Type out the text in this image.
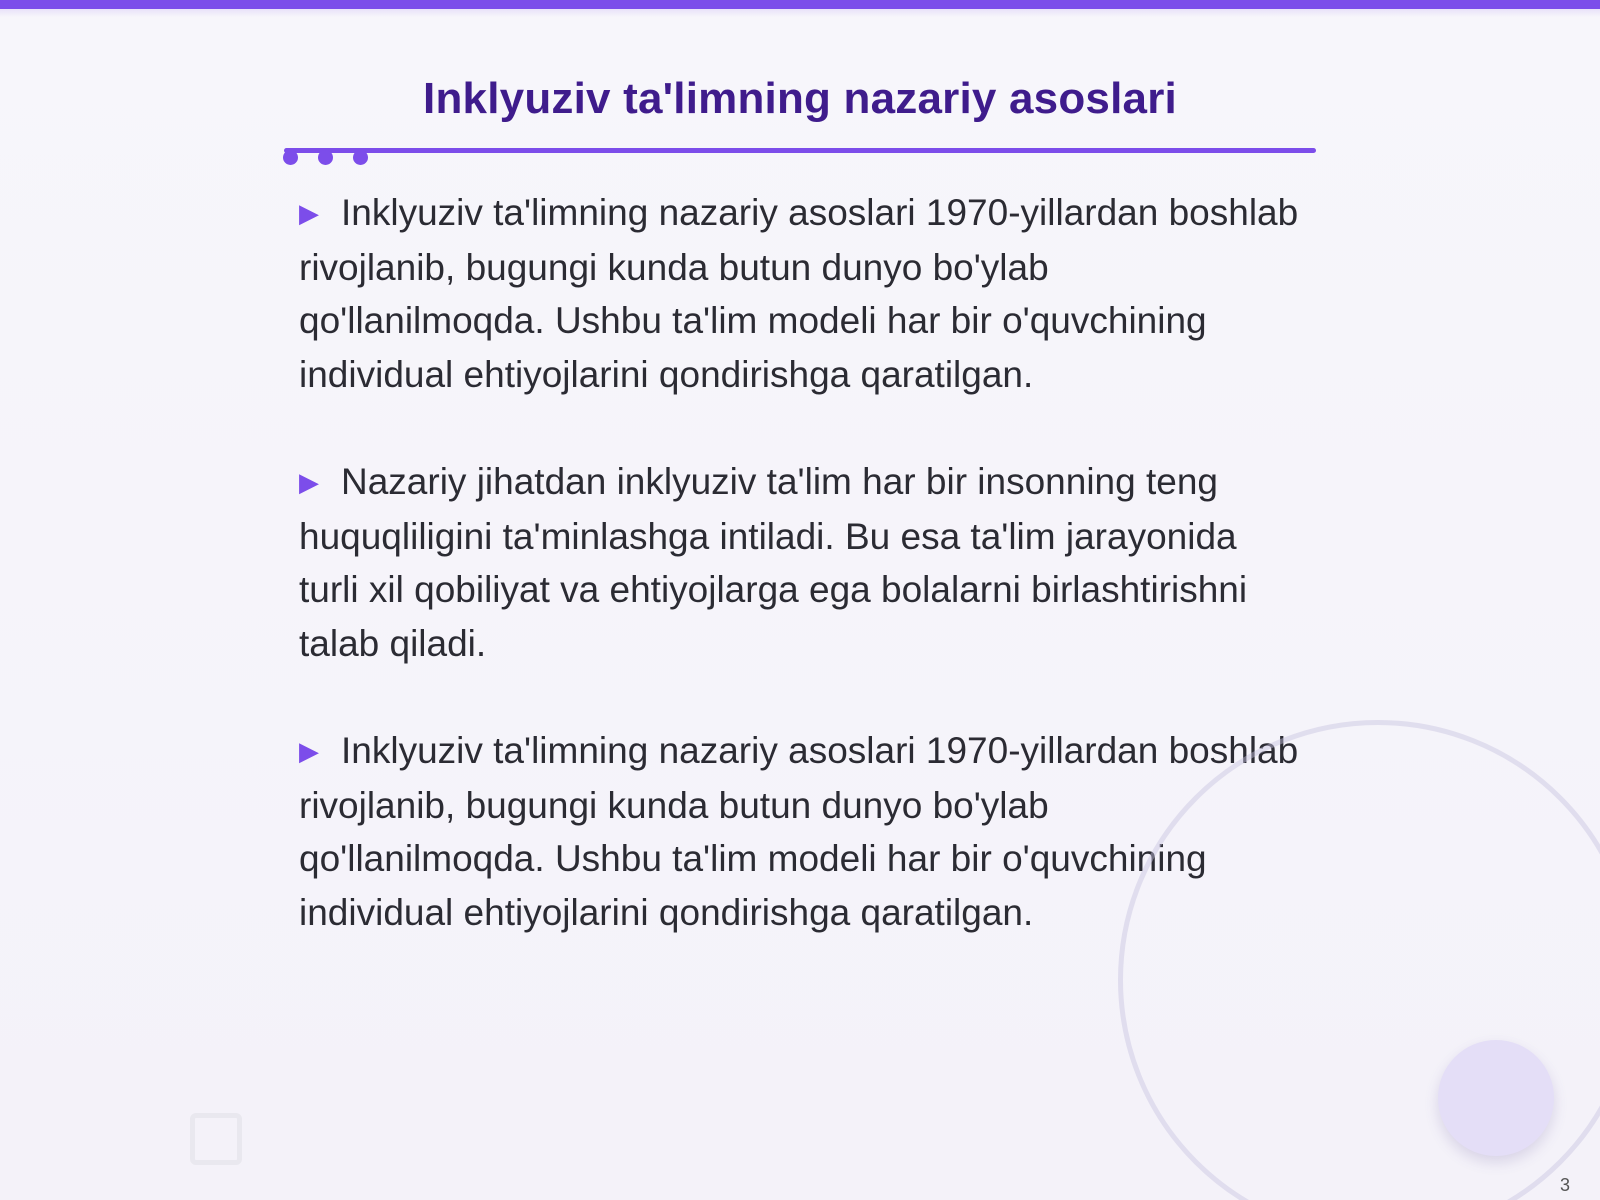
Inklyuziv ta'limning nazariy asoslari

▶ Inklyuziv ta'limning nazariy asoslari 1970-yillardan boshlab rivojlanib, bugungi kunda butun dunyo bo'ylab qo'llanilmoqda. Ushbu ta'lim modeli har bir o'quvchining individual ehtiyojlarini qondirishga qaratilgan.

▶ Nazariy jihatdan inklyuziv ta'lim har bir insonning teng huquqliligini ta'minlashga intiladi. Bu esa ta'lim jarayonida turli xil qobiliyat va ehtiyojlarga ega bolalarni birlashtirishni talab qiladi.

▶ Inklyuziv ta'limning nazariy asoslari 1970-yillardan boshlab rivojlanib, bugungi kunda butun dunyo bo'ylab qo'llanilmoqda. Ushbu ta'lim modeli har bir o'quvchining individual ehtiyojlarini qondirishga qaratilgan.

3
